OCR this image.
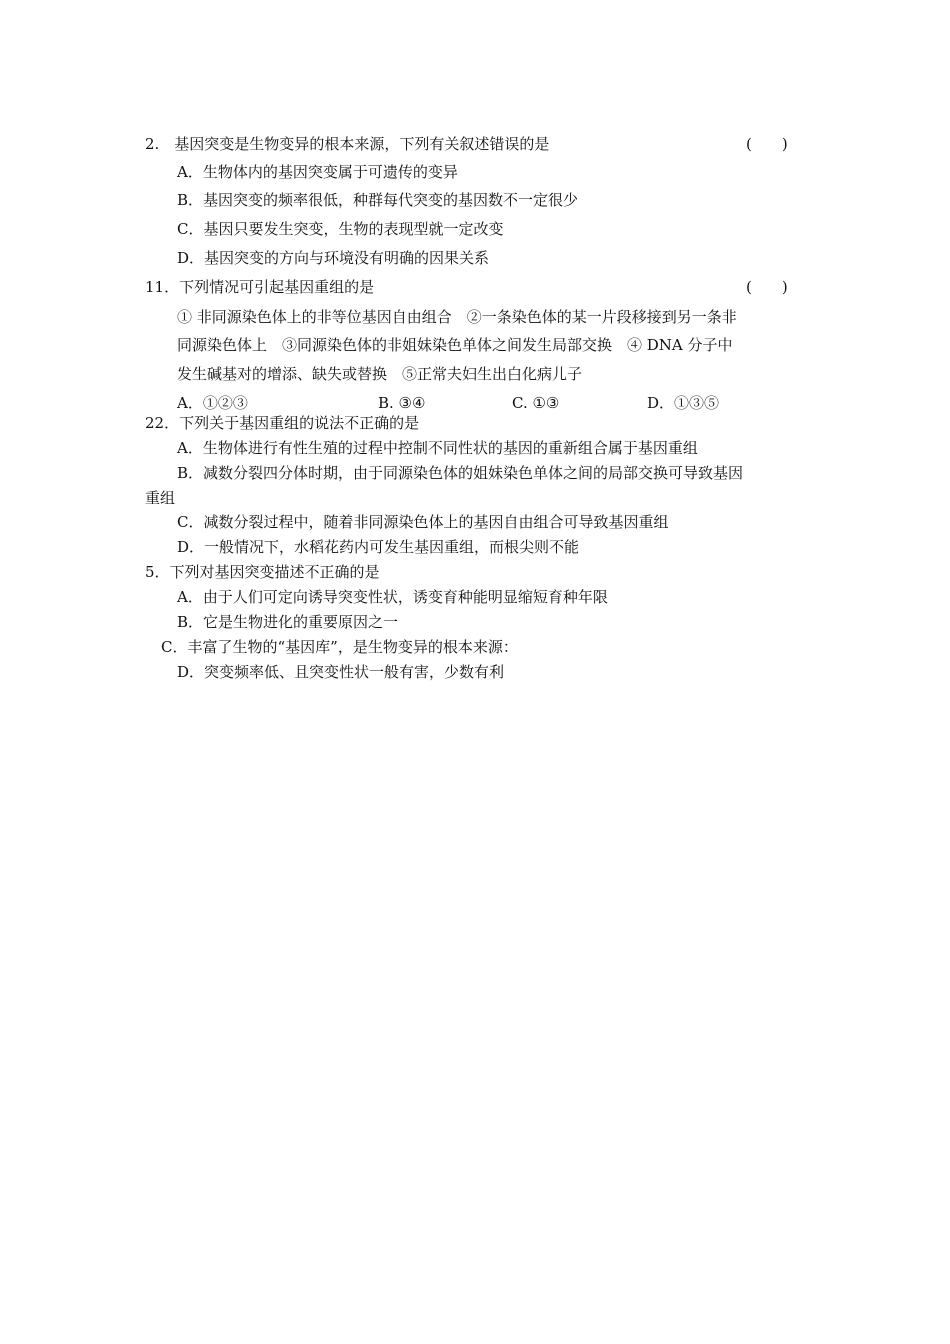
2.　基因突变是生物变异的根本来源，下列有关叙述错误的是	(　　)
A．生物体内的基因突变属于可遗传的变异
B．基因突变的频率很低，种群每代突变的基因数不一定很少
C．基因只要发生突变，生物的表现型就一定改变
D．基因突变的方向与环境没有明确的因果关系
11．下列情况可引起基因重组的是	(　　)
① 非同源染色体上的非等位基因自由组合　②一条染色体的某一片段移接到另一条非
同源染色体上　③同源染色体的非姐妹染色单体之间发生局部交换　④ DNA 分子中
发生碱基对的增添、缺失或替换　⑤正常夫妇生出白化病儿子
A．①②③	B. ③④	C. ①③	D．①③⑤
22．下列关于基因重组的说法不正确的是
A．生物体进行有性生殖的过程中控制不同性状的基因的重新组合属于基因重组
B．减数分裂四分体时期，由于同源染色体的姐妹染色单体之间的局部交换可导致基因
重组
C．减数分裂过程中，随着非同源染色体上的基因自由组合可导致基因重组
D．一般情况下，水稻花药内可发生基因重组，而根尖则不能
5．下列对基因突变描述不正确的是
A．由于人们可定向诱导突变性状，诱变育种能明显缩短育种年限
B．它是生物进化的重要原因之一
C．丰富了生物的“基因库”，是生物变异的根本来源：
D．突变频率低、且突变性状一般有害，少数有利
